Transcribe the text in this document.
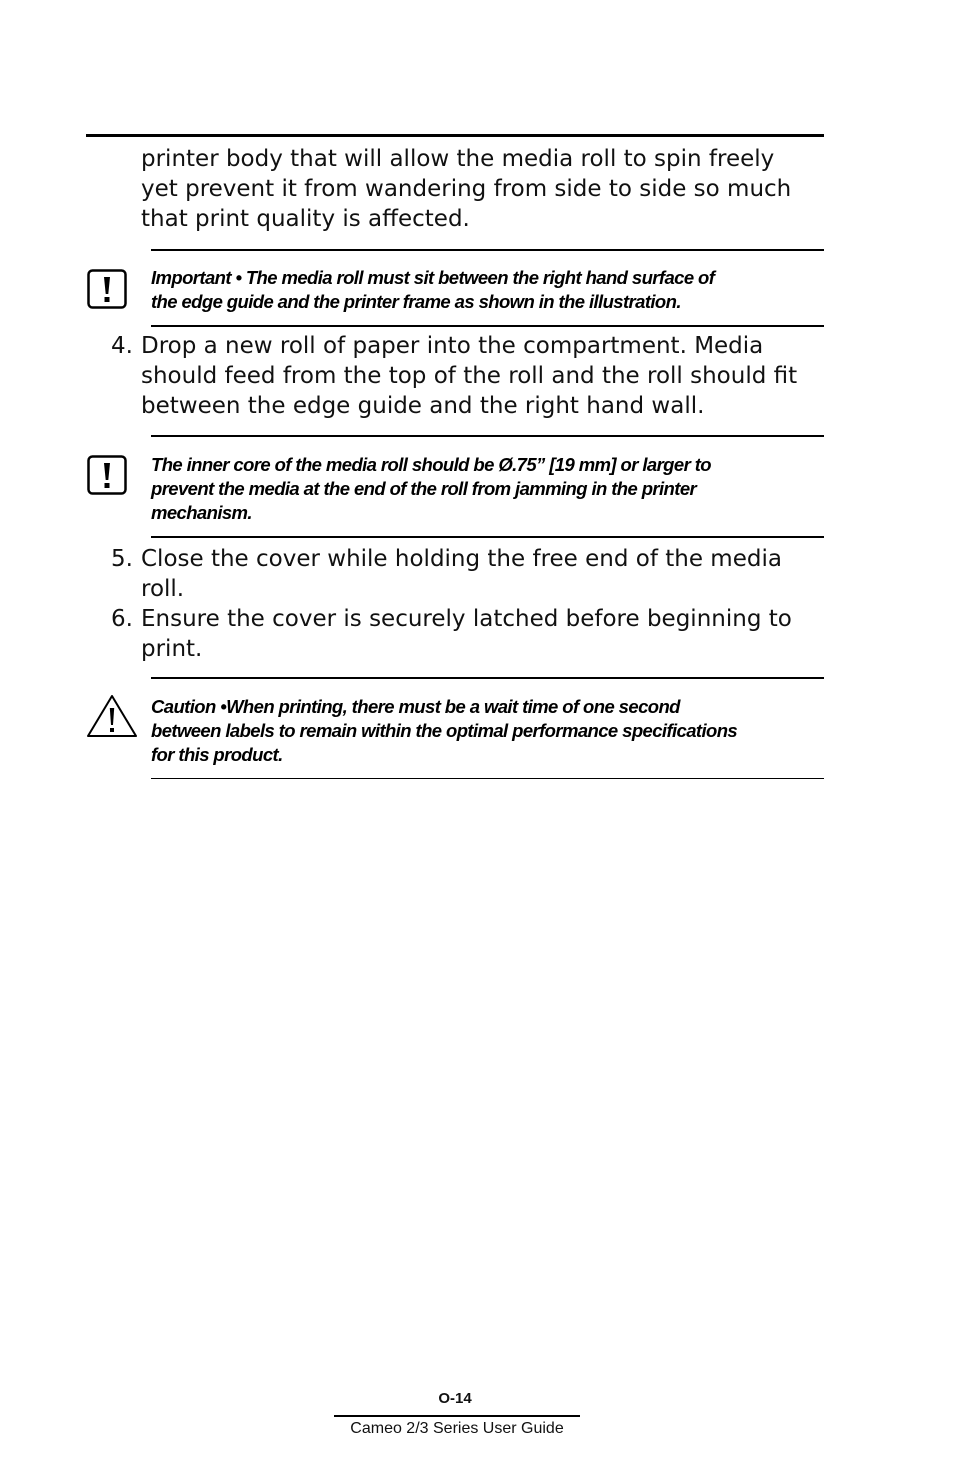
printer body that will allow the media roll to spin freely
yet prevent it from wandering from side to side so much
that print quality is affected.
Important • The media roll must sit between the right hand surface of
the edge guide and the printer frame as shown in the illustration.
4. Drop a new roll of paper into the compartment. Media
should feed from the top of the roll and the roll should fit
between the edge guide and the right hand wall.
The inner core of the media roll should be Ø.75” [19 mm] or larger to
prevent the media at the end of the roll from jamming in the printer
mechanism.
5. Close the cover while holding the free end of the media
roll.
6. Ensure the cover is securely latched before beginning to
print.
Caution •When printing, there must be a wait time of one second
between labels to remain within the optimal performance specifications
for this product.
O-14
Cameo 2/3 Series User Guide
